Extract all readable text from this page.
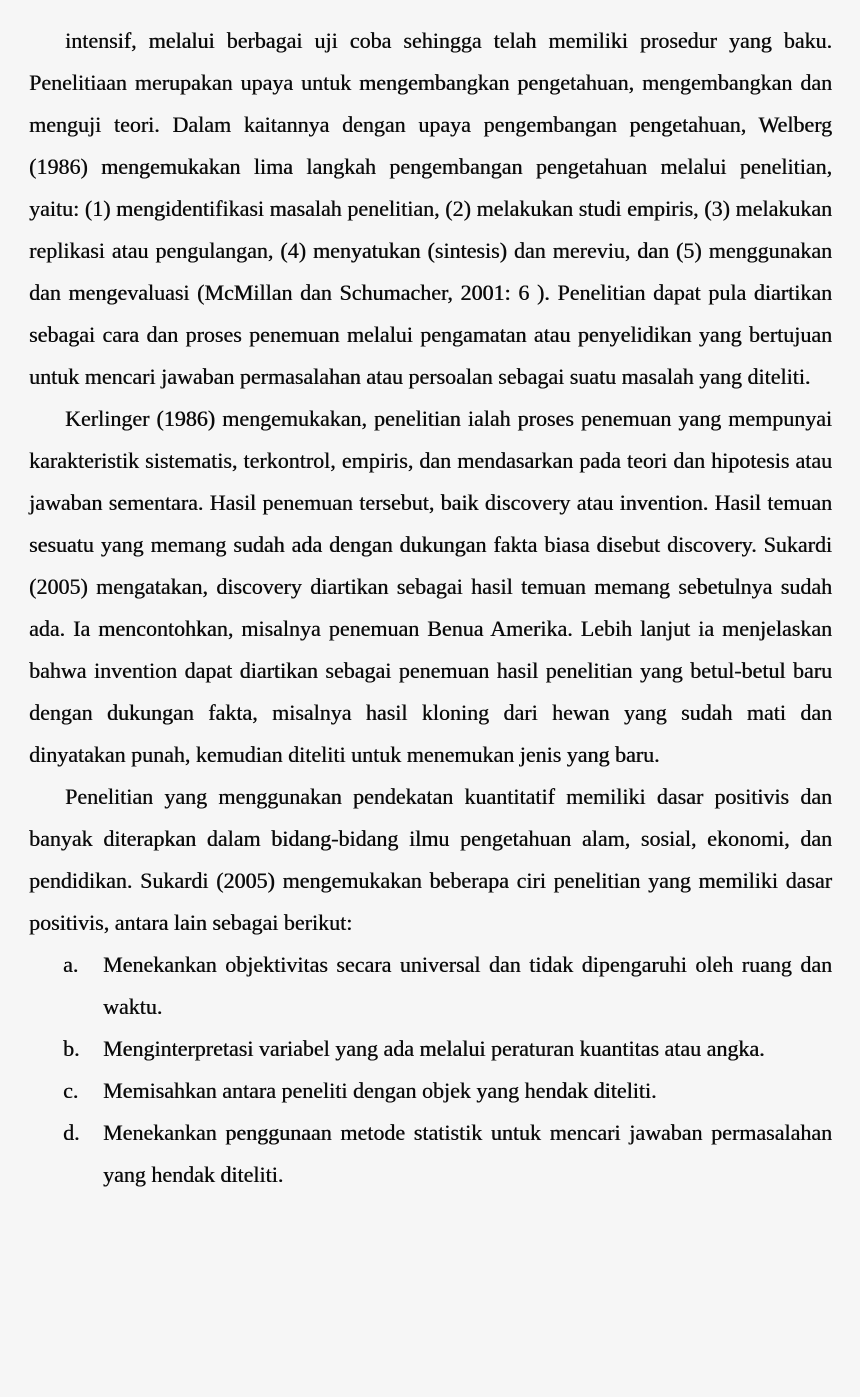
intensif, melalui berbagai uji coba sehingga telah memiliki prosedur yang baku. Penelitiaan merupakan upaya untuk mengembangkan pengetahuan, mengembangkan dan menguji teori. Dalam kaitannya dengan upaya pengembangan pengetahuan, Welberg (1986) mengemukakan lima langkah pengembangan pengetahuan melalui penelitian, yaitu: (1) mengidentifikasi masalah penelitian, (2) melakukan studi empiris, (3) melakukan replikasi atau pengulangan, (4) menyatukan (sintesis) dan mereviu, dan (5) menggunakan dan mengevaluasi (McMillan dan Schumacher, 2001: 6 ). Penelitian dapat pula diartikan sebagai cara dan proses penemuan melalui pengamatan atau penyelidikan yang bertujuan untuk mencari jawaban permasalahan atau persoalan sebagai suatu masalah yang diteliti.

Kerlinger (1986) mengemukakan, penelitian ialah proses penemuan yang mempunyai karakteristik sistematis, terkontrol, empiris, dan mendasarkan pada teori dan hipotesis atau jawaban sementara. Hasil penemuan tersebut, baik discovery atau invention. Hasil temuan sesuatu yang memang sudah ada dengan dukungan fakta biasa disebut discovery. Sukardi (2005) mengatakan, discovery diartikan sebagai hasil temuan memang sebetulnya sudah ada. Ia mencontohkan, misalnya penemuan Benua Amerika. Lebih lanjut ia menjelaskan bahwa invention dapat diartikan sebagai penemuan hasil penelitian yang betul-betul baru dengan dukungan fakta, misalnya hasil kloning dari hewan yang sudah mati dan dinyatakan punah, kemudian diteliti untuk menemukan jenis yang baru.

Penelitian yang menggunakan pendekatan kuantitatif memiliki dasar positivis dan banyak diterapkan dalam bidang-bidang ilmu pengetahuan alam, sosial, ekonomi, dan pendidikan. Sukardi (2005) mengemukakan beberapa ciri penelitian yang memiliki dasar positivis, antara lain sebagai berikut:

a. Menekankan objektivitas secara universal dan tidak dipengaruhi oleh ruang dan waktu.
b. Menginterpretasi variabel yang ada melalui peraturan kuantitas atau angka.
c. Memisahkan antara peneliti dengan objek yang hendak diteliti.
d. Menekankan penggunaan metode statistik untuk mencari jawaban permasalahan yang hendak diteliti.
